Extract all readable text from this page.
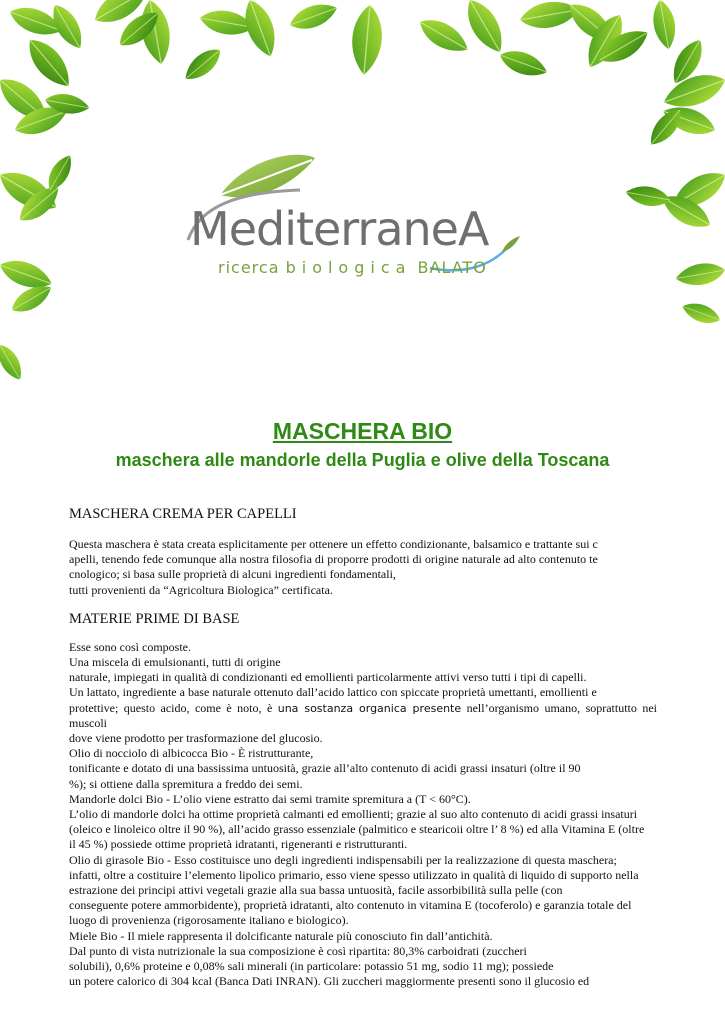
MediterraneA
ricerca biologica BALATO
MASCHERA BIO
maschera alle mandorle della Puglia e olive della Toscana

MASCHERA CREMA PER CAPELLI

Questa maschera è stata creata esplicitamente per ottenere un effetto condizionante, balsamico e trattante sui c
apelli, tenendo fede comunque alla nostra filosofia di proporre prodotti di origine naturale ad alto contenuto te
cnologico; si basa sulle proprietà di alcuni ingredienti fondamentali,
tutti provenienti da “Agricoltura Biologica” certificata.

MATERIE PRIME DI BASE

Esse sono così composte.
Una miscela di emulsionanti, tutti di origine
naturale, impiegati in qualità di condizionanti ed emollienti particolarmente attivi verso tutti i tipi di capelli.
Un lattato, ingrediente a base naturale ottenuto dall’acido lattico con spiccate proprietà umettanti, emollienti e
protettive; questo acido, come è noto, è una sostanza organica presente nell’organismo umano, soprattutto nei muscoli
dove viene prodotto per trasformazione del glucosio.
Olio di nocciolo di albicocca Bio - È ristrutturante,
tonificante e dotato di una bassissima untuosità, grazie all’alto contenuto di acidi grassi insaturi (oltre il 90
%); si ottiene dalla spremitura a freddo dei semi.
Mandorle dolci Bio - L’olio viene estratto dai semi tramite spremitura a (T < 60°C).
L’olio di mandorle dolci ha ottime proprietà calmanti ed emollienti; grazie al suo alto contenuto di acidi grassi insaturi
(oleico e linoleico oltre il 90 %), all’acido grasso essenziale (palmitico e stearicoii oltre l’ 8 %) ed alla Vitamina E (oltre
il 45 %) possiede ottime proprietà idratanti, rigeneranti e ristrutturanti.
Olio di girasole Bio - Esso costituisce uno degli ingredienti indispensabili per la realizzazione di questa maschera;
infatti, oltre a costituire l’elemento lipolico primario, esso viene spesso utilizzato in qualità di liquido di supporto nella
estrazione dei principi attivi vegetali grazie alla sua bassa untuosità, facile assorbibilità sulla pelle (con
conseguente potere ammorbidente), proprietà idratanti, alto contenuto in vitamina E (tocoferolo) e garanzia totale del
luogo di provenienza (rigorosamente italiano e biologico).
Miele Bio - Il miele rappresenta il dolcificante naturale più conosciuto fin dall’antichità.
Dal punto di vista nutrizionale la sua composizione è così ripartita: 80,3% carboidrati (zuccheri
solubili), 0,6% proteine e 0,08% sali minerali (in particolare: potassio 51 mg, sodio 11 mg); possiede
un potere calorico di 304 kcal (Banca Dati INRAN). Gli zuccheri maggiormente presenti sono il glucosio ed
